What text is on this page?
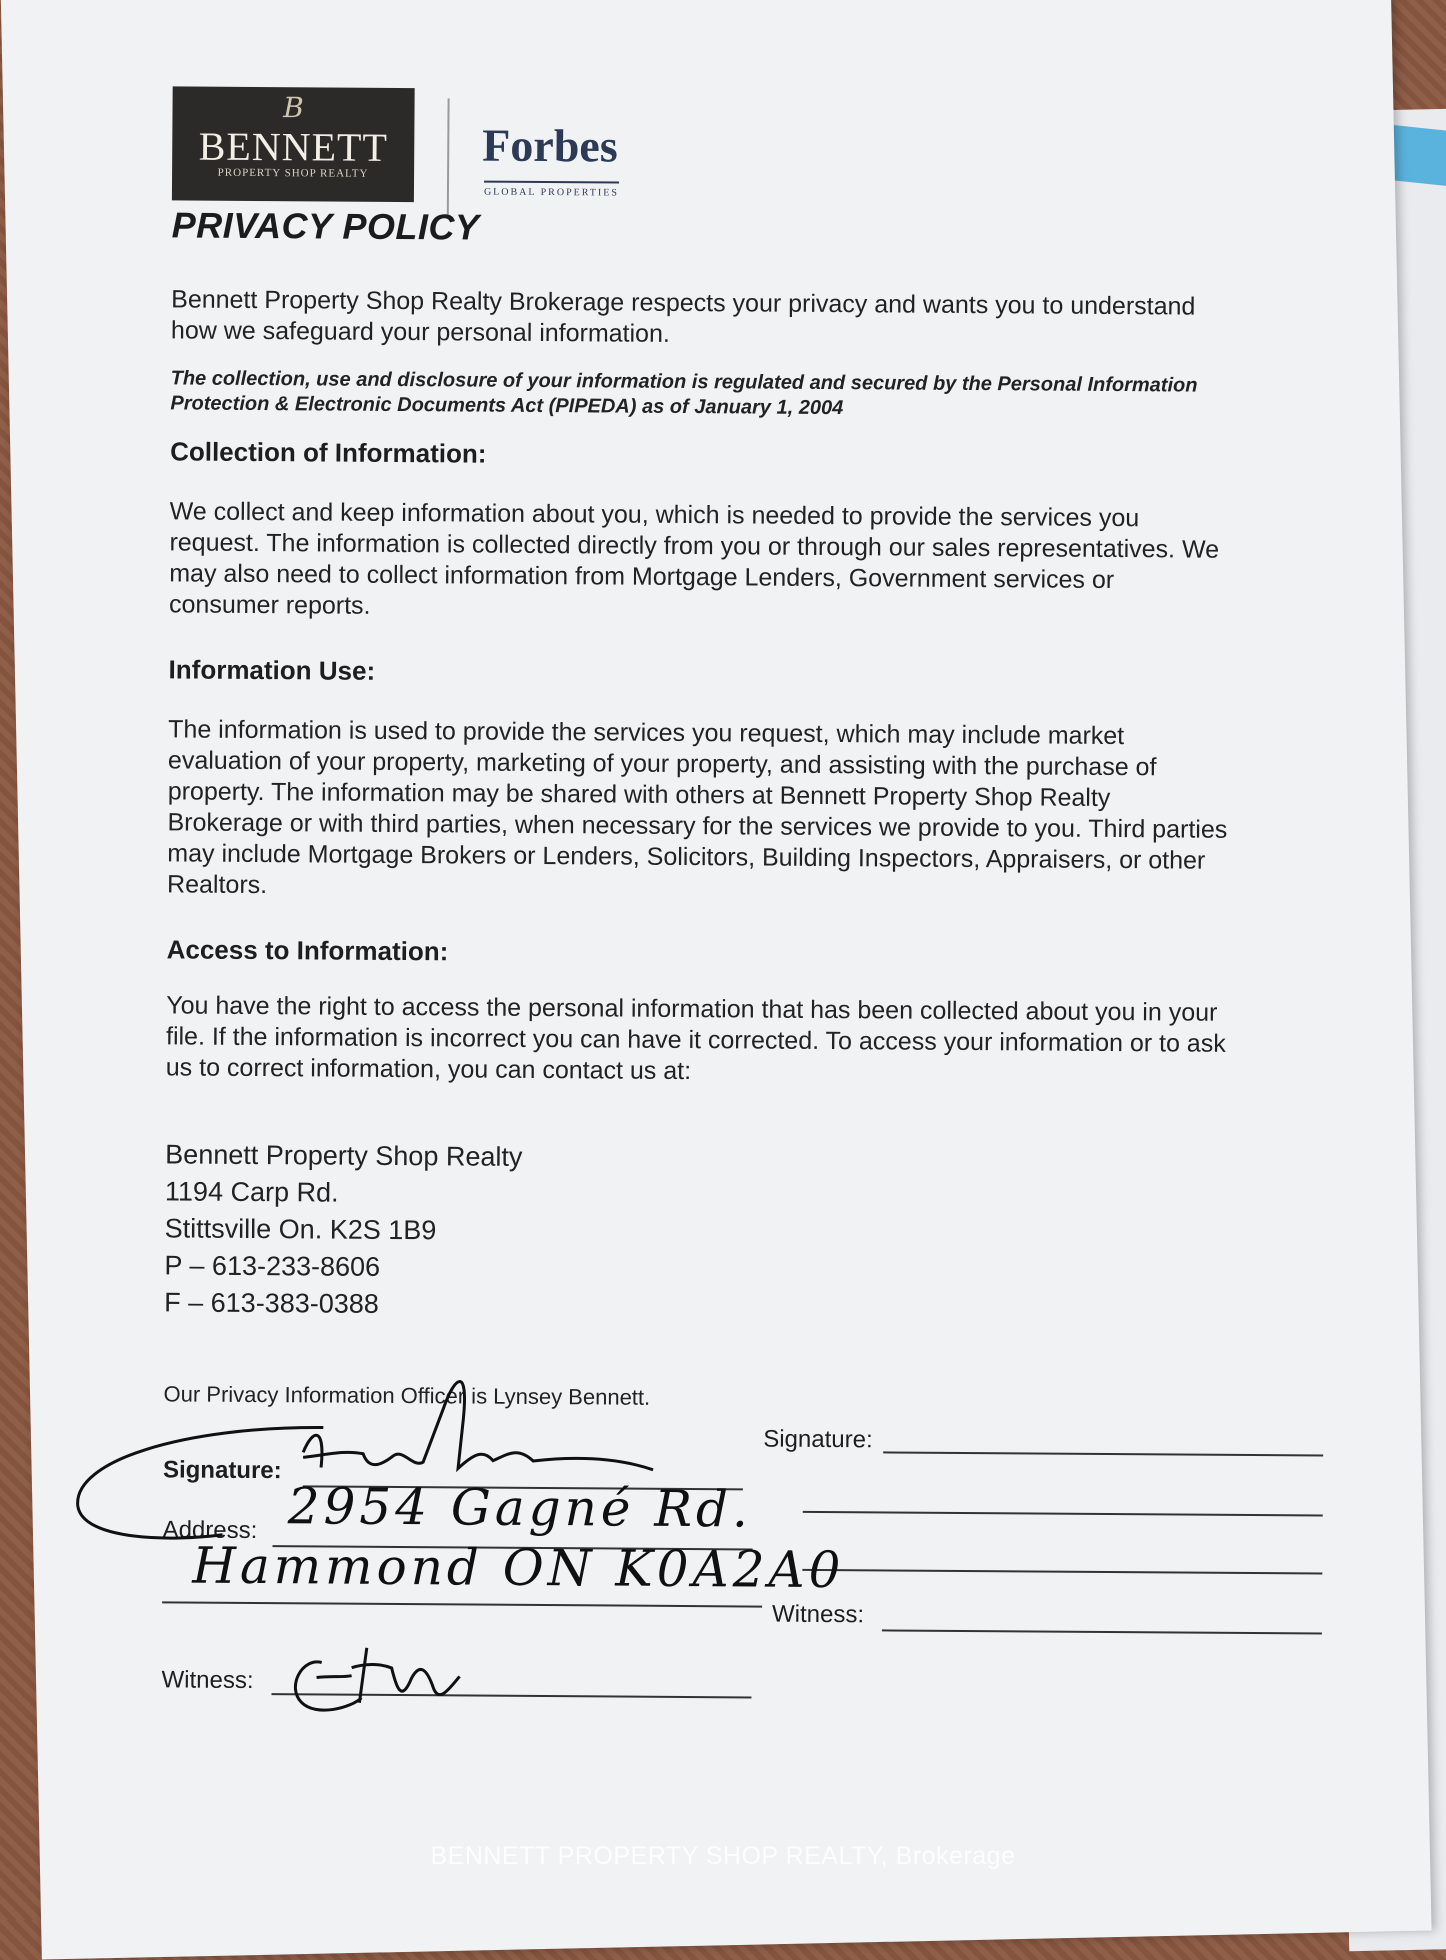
B
BENNETT
PROPERTY SHOP REALTY
Forbes
GLOBAL PROPERTIES
PRIVACY POLICY
Bennett Property Shop Realty Brokerage respects your privacy and wants you to understand how we safeguard your personal information.
The collection, use and disclosure of your information is regulated and secured by the Personal Information Protection & Electronic Documents Act (PIPEDA) as of January 1, 2004
Collection of Information:
We collect and keep information about you, which is needed to provide the services you request. The information is collected directly from you or through our sales representatives. We may also need to collect information from Mortgage Lenders, Government services or consumer reports.
Information Use:
The information is used to provide the services you request, which may include market evaluation of your property, marketing of your property, and assisting with the purchase of property. The information may be shared with others at Bennett Property Shop Realty Brokerage or with third parties, when necessary for the services we provide to you. Third parties may include Mortgage Brokers or Lenders, Solicitors, Building Inspectors, Appraisers, or other Realtors.
Access to Information:
You have the right to access the personal information that has been collected about you in your file. If the information is incorrect you can have it corrected. To access your information or to ask us to correct information, you can contact us at:
Bennett Property Shop Realty
1194 Carp Rd.
Stittsville On. K2S 1B9
P – 613-233-8606
F – 613-383-0388
Our Privacy Information Officer is Lynsey Bennett.
Signature:
Signature:
Address:
Witness:
Witness:
2954 Gagné Rd.
Hammond ON K0A2A0
BENNETT PROPERTY SHOP REALTY, Brokerage
